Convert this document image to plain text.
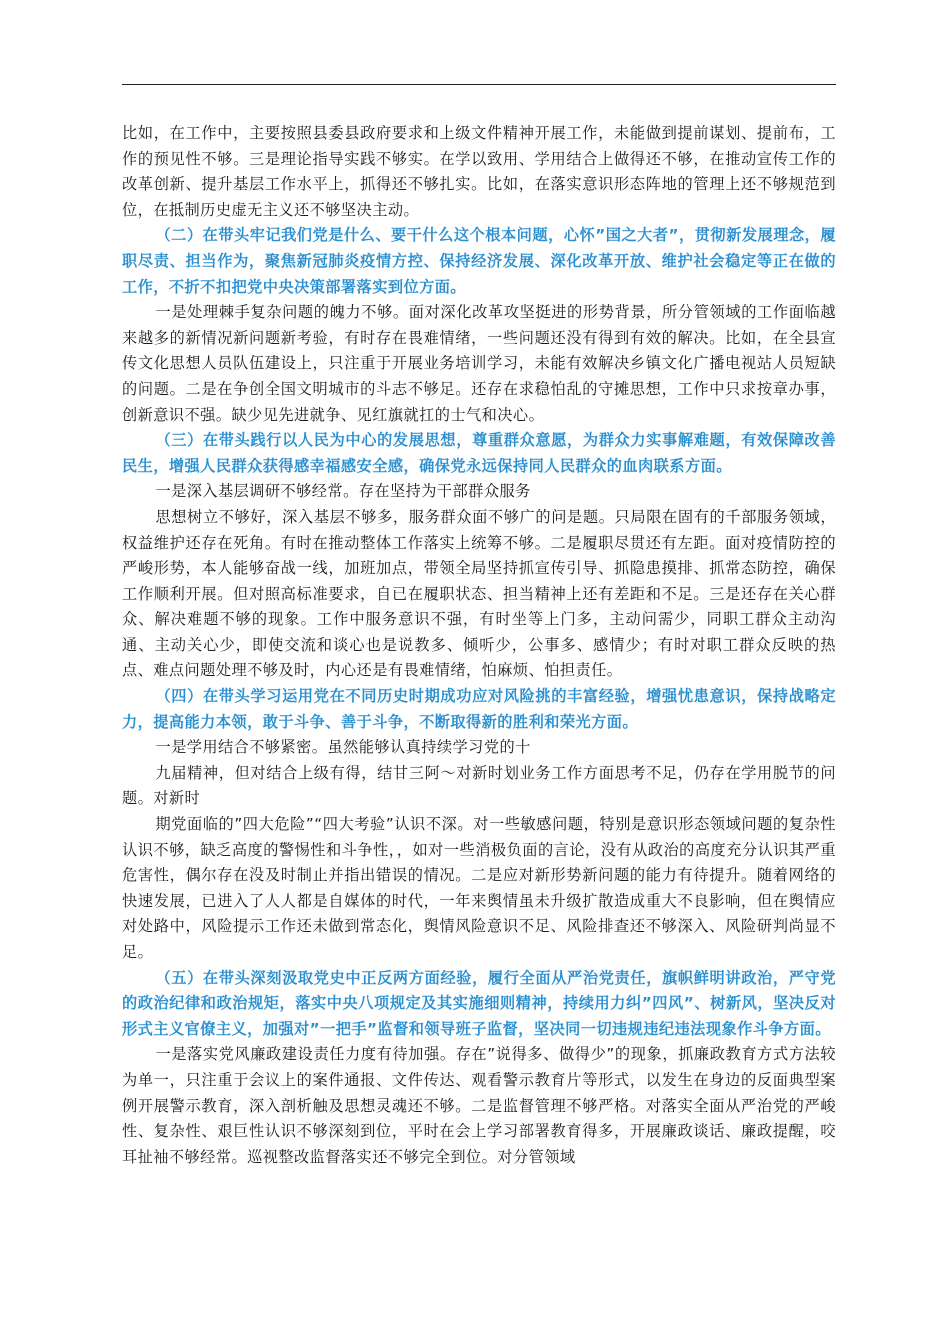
比如，在工作中，主要按照县委县政府要求和上级文件精神开展工作，未能做到提前谋划、提前布，工作的预见性不够。三是理论指导实践不够实。在学以致用、学用结合上做得还不够，在推动宣传工作的改革创新、提升基层工作水平上，抓得还不够扎实。比如，在落实意识形态阵地的管理上还不够规范到位，在抵制历史虚无主义还不够坚决主动。

（二）在带头牢记我们党是什么、要干什么这个根本问题，心怀”国之大者”，贯彻新发展理念，履职尽责、担当作为，聚焦新冠肺炎疫情方控、保持经济发展、深化改革开放、维护社会稳定等正在做的工作，不折不扣把党中央决策部署落实到位方面。

一是处理棘手复杂问题的魄力不够。面对深化改革攻坚挺进的形势背景，所分管领域的工作面临越来越多的新情况新问题新考验，有时存在畏难情绪，一些问题还没有得到有效的解决。比如，在全县宣传文化思想人员队伍建设上，只注重于开展业务培训学习，未能有效解决乡镇文化广播电视站人员短缺的问题。二是在争创全国文明城市的斗志不够足。还存在求稳怕乱的守摊思想，工作中只求按章办事，创新意识不强。缺少见先进就争、见红旗就扛的士气和决心。

（三）在带头践行以人民为中心的发展思想，尊重群众意愿，为群众力实事解难题，有效保障改善民生，增强人民群众获得感幸福感安全感，确保党永远保持同人民群众的血肉联系方面。

一是深入基层调研不够经常。存在坚持为干部群众服务

思想树立不够好，深入基层不够多，服务群众面不够广的问是题。只局限在固有的千部服务领域，权益维护还存在死角。有时在推动整体工作落实上统筹不够。二是履职尽贯还有左距。面对疫情防控的严峻形势，本人能够奋战一线，加班加点，带领全局坚持抓宣传引导、抓隐患摸排、抓常态防控，确保工作顺利开展。但对照高标准要求，自已在履职状态、担当精神上还有差距和不足。三是还存在关心群众、解决难题不够的现象。工作中服务意识不强，有时坐等上门多，主动问需少，同职工群众主动沟通、主动关心少，即使交流和谈心也是说教多、倾听少，公事多、感情少；有时对职工群众反映的热点、难点问题处理不够及时，内心还是有畏难情绪，怕麻烦、怕担责任。

（四）在带头学习运用党在不同历史时期成功应对风险挑的丰富经验，增强忧患意识，保持战略定力，提高能力本领，敢于斗争、善于斗争，不断取得新的胜利和荣光方面。

一是学用结合不够紧密。虽然能够认真持续学习党的十

九届精神，但对结合上级有得，结甘三阿～对新时划业务工作方面思考不足，仍存在学用脱节的问题。对新时

期党面临的”四大危险”“四大考验”认识不深。对一些敏感问题，特别是意识形态领域问题的复杂性认识不够，缺乏高度的警惕性和斗争性，，如对一些消极负面的言论，没有从政治的高度充分认识其严重危害性，偶尔存在没及时制止并指出错误的情况。二是应对新形势新问题的能力有待提升。随着网络的快速发展，已进入了人人都是自媒体的时代，一年来舆情虽未升级扩散造成重大不良影响，但在舆情应对处路中，风险提示工作还未做到常态化，舆情风险意识不足、风险排查还不够深入、风险研判尚显不足。

（五）在带头深刻汲取党史中正反两方面经验，履行全面从严治党责任，旗帜鲜明讲政治，严守党的政治纪律和政治规矩，落实中央八项规定及其实施细则精神，持续用力纠”四风”、树新风，坚决反对形式主义官僚主义，加强对”一把手”监督和领导班子监督，坚决同一切违规违纪违法现象作斗争方面。

一是落实党风廉政建设责任力度有待加强。存在”说得多、做得少”的现象，抓廉政教育方式方法较为单一，只注重于会议上的案件通报、文件传达、观看警示教育片等形式，以发生在身边的反面典型案例开展警示教育，深入剖析触及思想灵魂还不够。二是监督管理不够严格。对落实全面从严治党的严峻性、复杂性、艰巨性认识不够深刻到位，平时在会上学习部署教育得多，开展廉政谈话、廉政提醒，咬耳扯袖不够经常。巡视整改监督落实还不够完全到位。对分管领域
